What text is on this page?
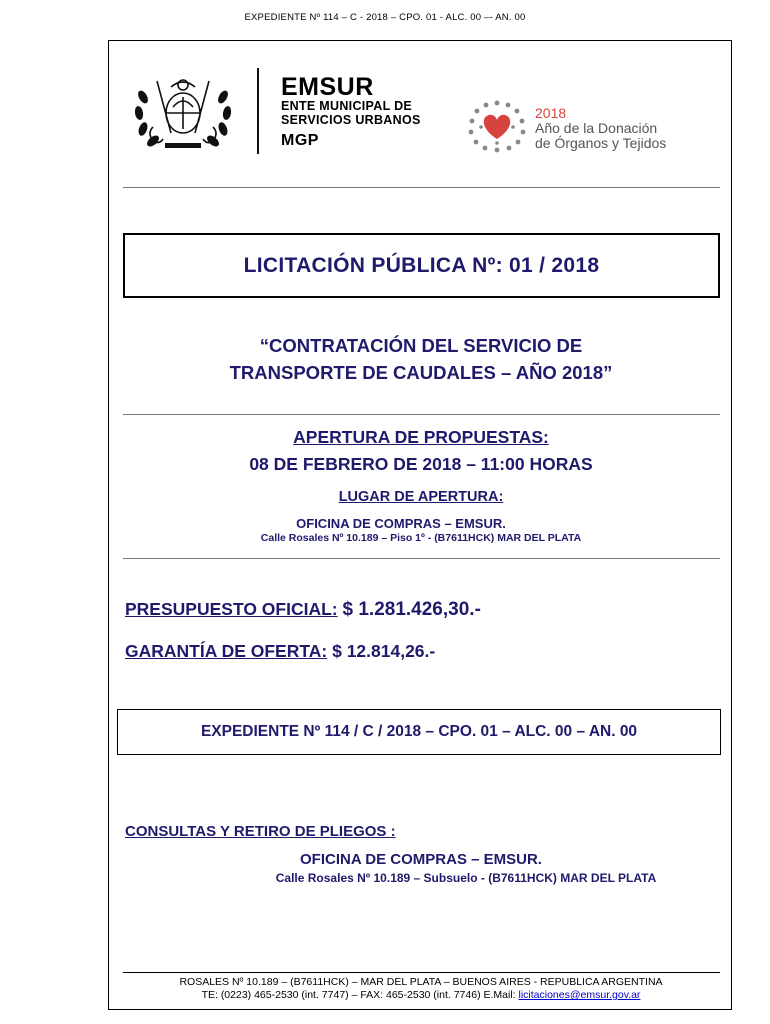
EXPEDIENTE Nº 114 – C - 2018 – CPO. 01 - ALC. 00 –- AN. 00
EMSUR
ENTE MUNICIPAL DE
SERVICIOS URBANOS
MGP
2018
Año de la Donación
de Órganos y Tejidos
LICITACIÓN PÚBLICA Nº: 01 / 2018
“CONTRATACIÓN DEL SERVICIO DE
TRANSPORTE DE CAUDALES – AÑO 2018”
APERTURA DE PROPUESTAS:
08 DE FEBRERO DE 2018 – 11:00 HORAS
LUGAR DE APERTURA:
OFICINA DE COMPRAS – EMSUR.
Calle Rosales Nº 10.189 – Piso 1º - (B7611HCK) MAR DEL PLATA
PRESUPUESTO OFICIAL: $ 1.281.426,30.-
GARANTÍA DE OFERTA: $ 12.814,26.-
EXPEDIENTE Nº 114 / C / 2018 – CPO. 01 – ALC. 00 – AN. 00
CONSULTAS Y RETIRO DE PLIEGOS :
OFICINA DE COMPRAS – EMSUR.
Calle Rosales Nº 10.189 – Subsuelo - (B7611HCK) MAR DEL PLATA
ROSALES Nº 10.189 – (B7611HCK) – MAR DEL PLATA – BUENOS AIRES - REPUBLICA ARGENTINA
TE: (0223) 465-2530 (int. 7747) – FAX: 465-2530 (int. 7746) E.Mail: licitaciones@emsur.gov.ar
